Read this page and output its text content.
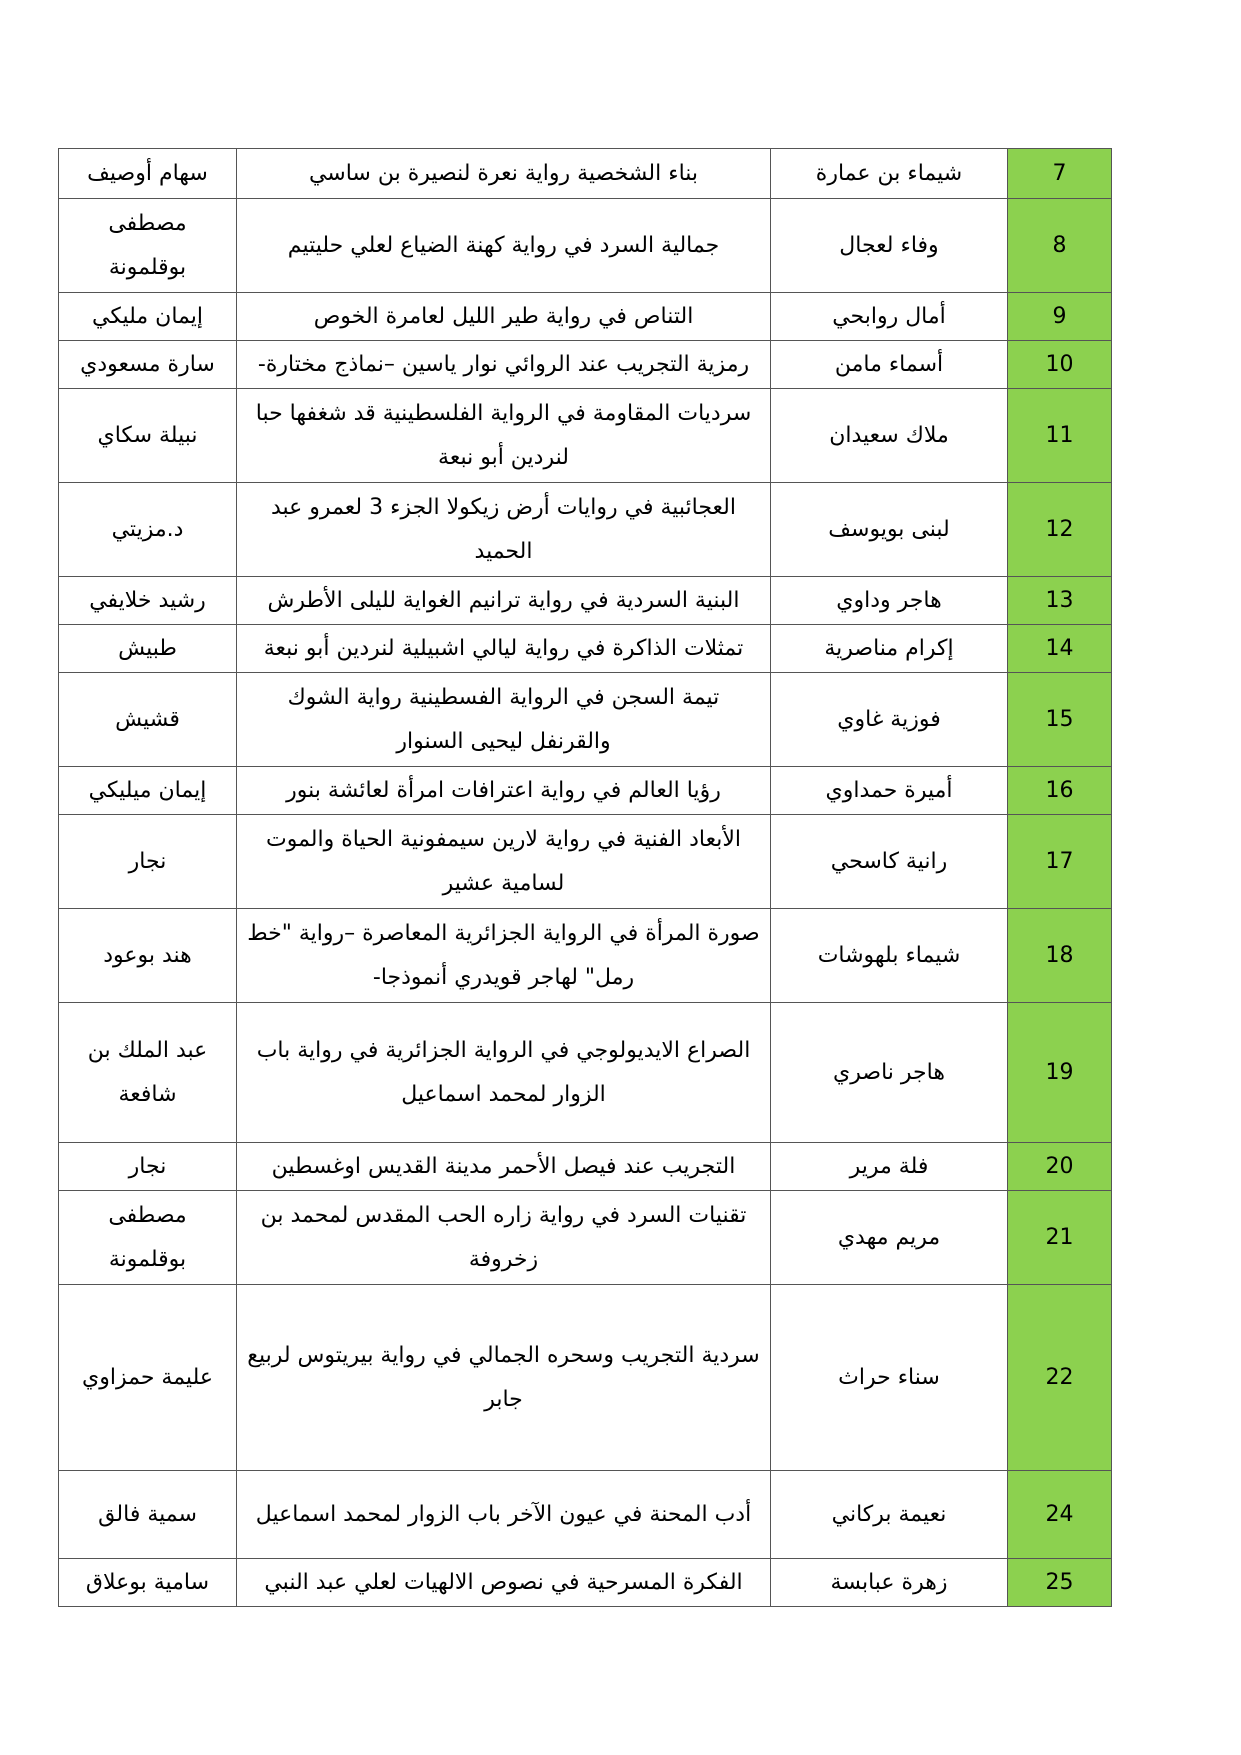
سهام أوصيف	بناء الشخصية رواية نعرة لنصيرة بن ساسي	شيماء بن عمارة	7
مصطفى بوقلمونة	جمالية السرد في رواية كهنة الضياع لعلي حليتيم	وفاء لعجال	8
إيمان مليكي	التناص في رواية طير الليل لعامرة الخوص	أمال روابحي	9
سارة مسعودي	رمزية التجريب عند الروائي نوار ياسين –نماذج مختارة-	أسماء مامن	10
نبيلة سكاي	سرديات المقاومة في الرواية الفلسطينية قد شغفها حبا لنردين أبو نبعة	ملاك سعيدان	11
د.مزيتي	العجائبية في روايات أرض زيكولا الجزء 3 لعمرو عبد الحميد	لبنى بويوسف	12
رشيد خلايفي	البنية السردية في رواية ترانيم الغواية لليلى الأطرش	هاجر وداوي	13
طبيش	تمثلات الذاكرة في رواية ليالي اشبيلية لنردين أبو نبعة	إكرام مناصرية	14
قشيش	تيمة السجن في الرواية الفسطينية رواية الشوك والقرنفل ليحيى السنوار	فوزية غاوي	15
إيمان ميليكي	رؤيا العالم في رواية اعترافات امرأة لعائشة بنور	أميرة حمداوي	16
نجار	الأبعاد الفنية في رواية لارين سيمفونية الحياة والموت لسامية عشير	رانية كاسحي	17
هند بوعود	صورة المرأة في الرواية الجزائرية المعاصرة –رواية "خط رمل" لهاجر قويدري أنموذجا-	شيماء بلهوشات	18
عبد الملك بن شافعة	الصراع الايديولوجي في الرواية الجزائرية في رواية باب الزوار لمحمد اسماعيل	هاجر ناصري	19
نجار	التجريب عند فيصل الأحمر مدينة القديس اوغسطين	فلة مرير	20
مصطفى بوقلمونة	تقنيات السرد في رواية زاره الحب المقدس لمحمد بن زخروفة	مريم مهدي	21
عليمة حمزاوي	سردية التجريب وسحره الجمالي في رواية بيريتوس لربيع جابر	سناء حراث	22
سمية فالق	أدب المحنة في عيون الآخر باب الزوار لمحمد اسماعيل	نعيمة بركاني	24
سامية بوعلاق	الفكرة المسرحية في نصوص الالهيات لعلي عبد النبي	زهرة عبابسة	25
